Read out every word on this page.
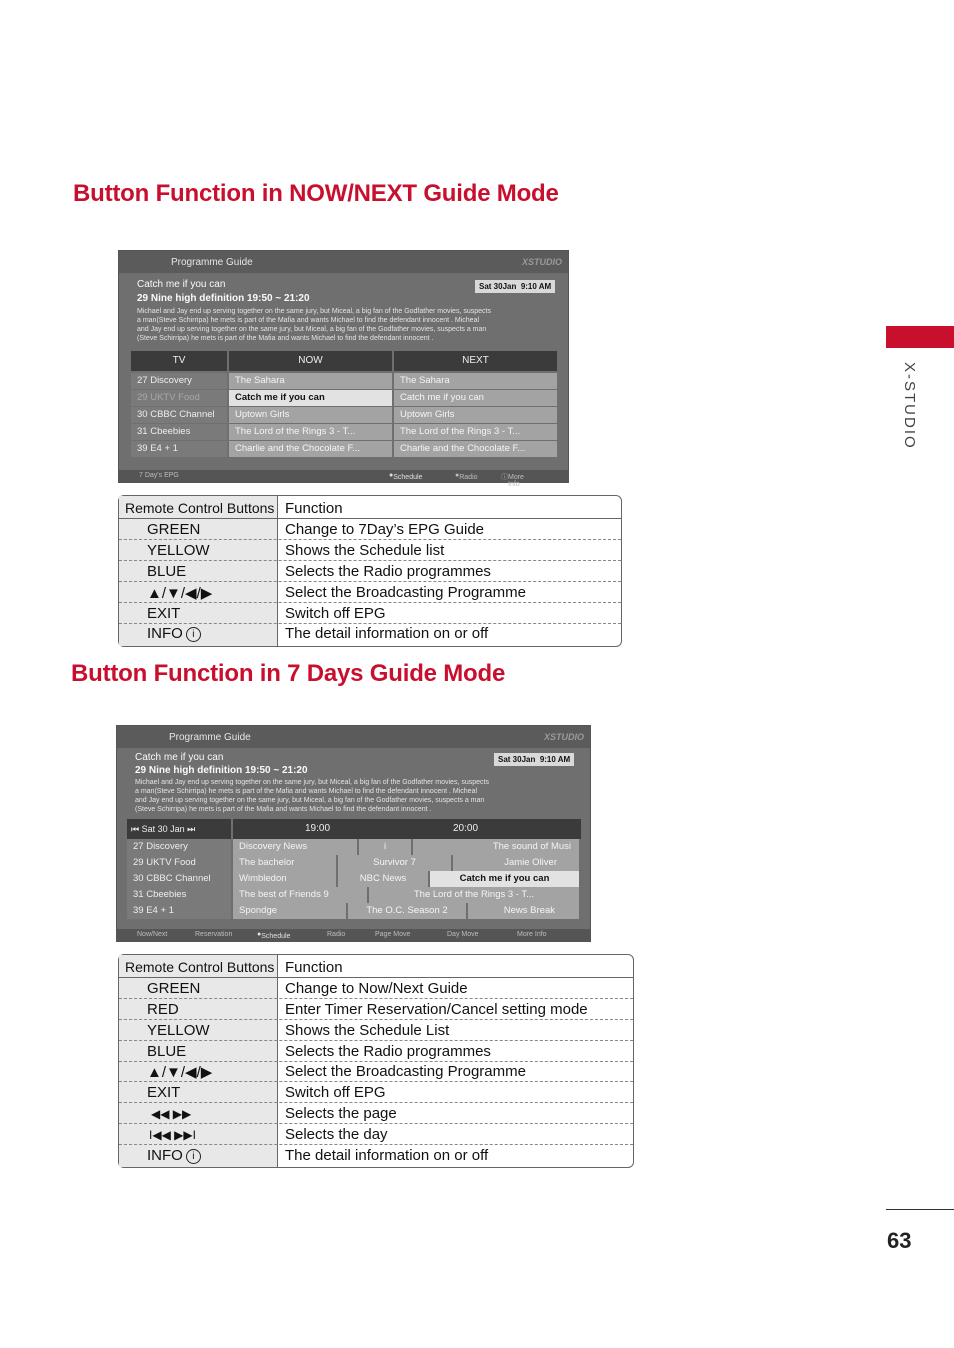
Button Function in NOW/NEXT Guide Mode
X-STUDIO
Programme Guide	XSTUDIO
Catch me if you can
29 Nine high definition 19:50 ~ 21:20
Sat 30Jan 9:10 AM
Michael and Jay end up serving together on the same jury, but Miceal, a big fan of the Godfather movies, suspects
a man(Steve Schirripa) he mets is part of the Mafia and wants Michael to find the defendant innocent . Micheal
and Jay end up serving together on the same jury, but Miceal, a big fan of the Godfather movies, suspects a man
(Steve Schirripa) he mets is part of the Mafia and wants Michael to find the defendant innocent .
TV	NOW	NEXT
27 Discovery	The Sahara	The Sahara
29 UKTV Food	Catch me if you can	Catch me if you can
30 CBBC Channel	Uptown Girls	Uptown Girls
31 Cbeebies	The Lord of the Rings 3 - T...	The Lord of the Rings 3 - T...
39 E4 + 1	Charlie and the Chocolate F...	Charlie and the Chocolate F...
7 Day's EPG	● Schedule	● Radio	ⓘ More Info
Remote Control Buttons Function
GREEN	Change to 7Day’s EPG Guide
YELLOW	Shows the Schedule list
BLUE	Selects the Radio programmes
▲/▼/◀/▶	Select the Broadcasting Programme
EXIT	Switch off EPG
INFO i	The detail information on or off
Button Function in 7 Days Guide Mode
Programme Guide	XSTUDIO
Catch me if you can
29 Nine high definition 19:50 ~ 21:20
Sat 30Jan 9:10 AM
Michael and Jay end up serving together on the same jury, but Miceal, a big fan of the Godfather movies, suspects
a man(Steve Schirripa) he mets is part of the Mafia and wants Michael to find the defendant innocent . Micheal
and Jay end up serving together on the same jury, but Miceal, a big fan of the Godfather movies, suspects a man
(Steve Schirripa) he mets is part of the Mafia and wants Michael to find the defendant innocent .
⏮ Sat 30 Jan ⏭	19:00	20:00
27 Discovery	Discovery News	i	The sound of Musi
29 UKTV Food	The bachelor	Survivor 7	Jamie Oliver
30 CBBC Channel	Wimbledon	NBC News	Catch me if you can
31 Cbeebies	The best of Friends 9	The Lord of the Rings 3 - T...
39 E4 + 1	Spondge	The O.C. Season 2	News Break
Now/Next	Reservation	● Schedule	Radio	Page Move	Day Move	More Info
Remote Control Buttons Function
GREEN	Change to Now/Next Guide
RED	Enter Timer Reservation/Cancel setting mode
YELLOW	Shows the Schedule List
BLUE	Selects the Radio programmes
▲/▼/◀/▶	Select the Broadcasting Programme
EXIT	Switch off EPG
◀◀ ▶▶	Selects the page
I◀◀ ▶▶I	Selects the day
INFO i	The detail information on or off
63
